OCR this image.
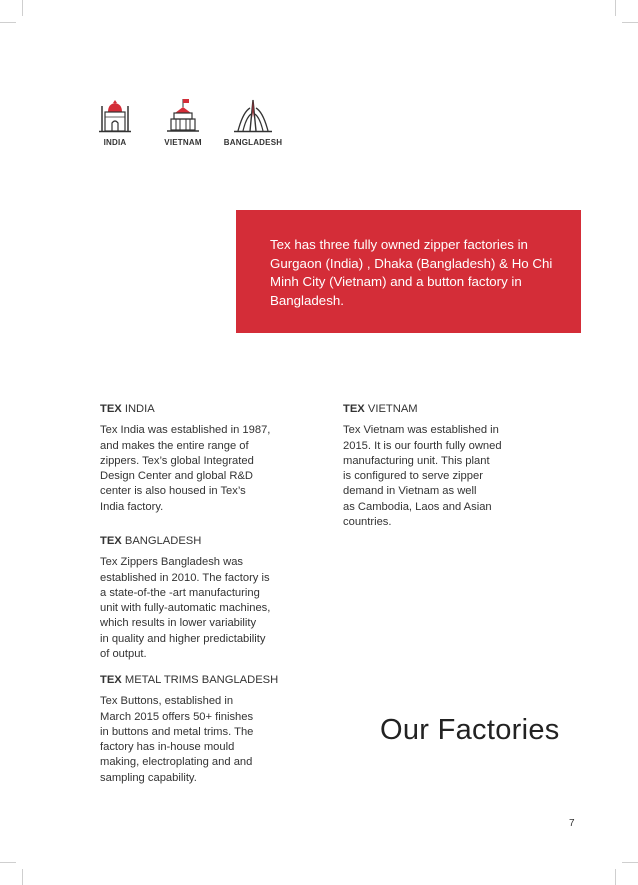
INDIA	VIETNAM	BANGLADESH

Tex has three fully owned zipper factories in Gurgaon (India) , Dhaka (Bangladesh) & Ho Chi Minh City (Vietnam) and a button factory in Bangladesh.

TEX INDIA

Tex India was established in 1987,
and makes the entire range of
zippers. Tex’s global Integrated
Design Center and global R&D
center is also housed in Tex’s
India factory.

TEX BANGLADESH

Tex Zippers Bangladesh was
established in 2010. The factory is
a state-of-the -art manufacturing
unit with fully-automatic machines,
which results in lower variability
in quality and higher predictability
of output.

TEX METAL TRIMS BANGLADESH

Tex Buttons, established in
March 2015 offers 50+ finishes
in buttons and metal trims. The
factory has in-house mould
making, electroplating and and
sampling capability.

TEX VIETNAM

Tex Vietnam was established in
2015. It is our fourth fully owned
manufacturing unit. This plant
is configured to serve zipper
demand in Vietnam as well
as Cambodia, Laos and Asian
countries.

Our Factories
7
